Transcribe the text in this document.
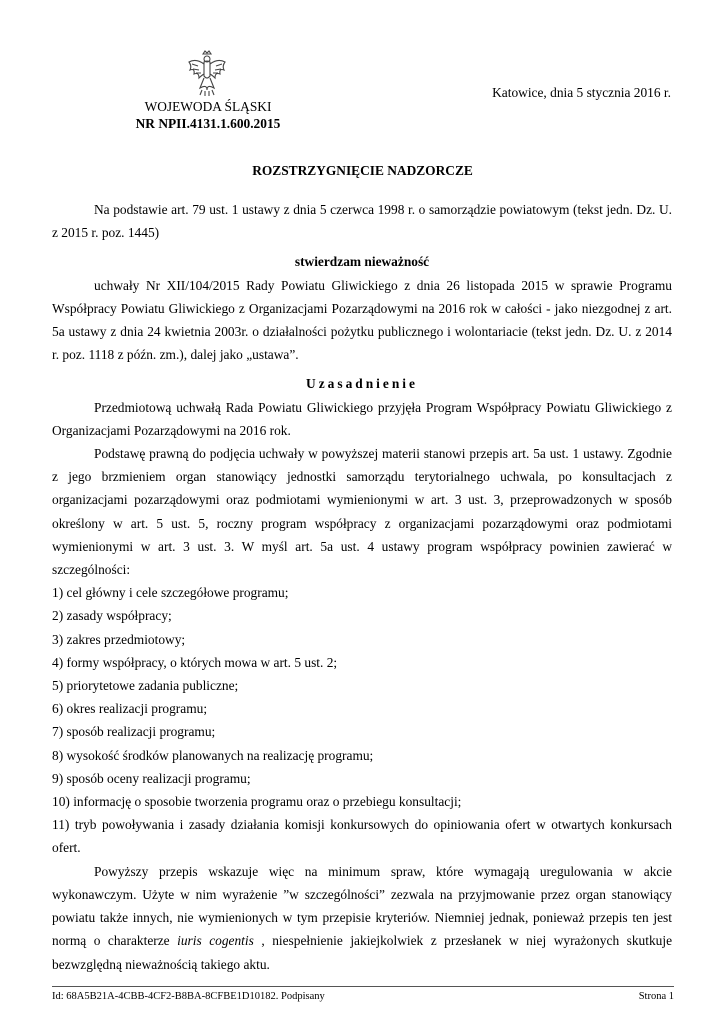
WOJEWODA ŚLĄSKI
NR NPII.4131.1.600.2015
Katowice, dnia 5 stycznia 2016 r.
ROZSTRZYGNIĘCIE NADZORCZE

Na podstawie art. 79 ust. 1 ustawy z dnia 5 czerwca 1998 r. o samorządzie powiatowym (tekst jedn. Dz. U. z 2015 r. poz. 1445)

stwierdzam nieważność

uchwały Nr XII/104/2015 Rady Powiatu Gliwickiego z dnia 26 listopada 2015 w sprawie Programu Współpracy Powiatu Gliwickiego z Organizacjami Pozarządowymi na 2016 rok w całości - jako niezgodnej z art. 5a ustawy z dnia 24 kwietnia 2003r. o działalności pożytku publicznego i wolontariacie (tekst jedn. Dz. U. z 2014 r. poz. 1118 z późn. zm.), dalej jako „ustawa”.

Uzasadnienie

Przedmiotową uchwałą Rada Powiatu Gliwickiego przyjęła Program Współpracy Powiatu Gliwickiego z Organizacjami Pozarządowymi na 2016 rok.

Podstawę prawną do podjęcia uchwały w powyższej materii stanowi przepis art. 5a ust. 1 ustawy. Zgodnie z jego brzmieniem organ stanowiący jednostki samorządu terytorialnego uchwala, po konsultacjach z organizacjami pozarządowymi oraz podmiotami wymienionymi w art. 3 ust. 3, przeprowadzonych w sposób określony w art. 5 ust. 5, roczny program współpracy z organizacjami pozarządowymi oraz podmiotami wymienionymi w art. 3 ust. 3. W myśl art. 5a ust. 4 ustawy program współpracy powinien zawierać w szczególności:

1) cel główny i cele szczegółowe programu;

2) zasady współpracy;

3) zakres przedmiotowy;

4) formy współpracy, o których mowa w art. 5 ust. 2;

5) priorytetowe zadania publiczne;

6) okres realizacji programu;

7) sposób realizacji programu;

8) wysokość środków planowanych na realizację programu;

9) sposób oceny realizacji programu;

10) informację o sposobie tworzenia programu oraz o przebiegu konsultacji;

11) tryb powoływania i zasady działania komisji konkursowych do opiniowania ofert w otwartych konkursach ofert.

Powyższy przepis wskazuje więc na minimum spraw, które wymagają uregulowania w akcie wykonawczym. Użyte w nim wyrażenie ”w szczególności” zezwala na przyjmowanie przez organ stanowiący powiatu także innych, nie wymienionych w tym przepisie kryteriów. Niemniej jednak, ponieważ przepis ten jest normą o charakterze iuris cogentis , niespełnienie jakiejkolwiek z przesłanek w niej wyrażonych skutkuje bezwzględną nieważnością takiego aktu.

Id: 68A5B21A-4CBB-4CF2-B8BA-8CFBE1D10182. Podpisany	Strona 1
